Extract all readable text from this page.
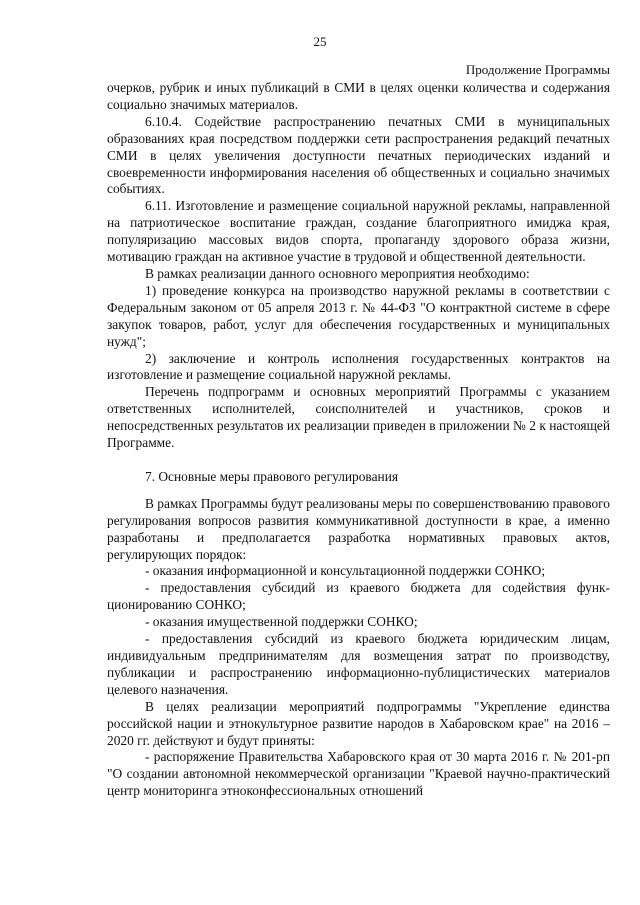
25
Продолжение Программы

очерков, рубрик и иных публикаций в СМИ в целях оценки количества и содержания социально значимых материалов.

6.10.4. Содействие распространению печатных СМИ в муниципальных образованиях края посредством поддержки сети распространения редакций печатных СМИ в целях увеличения доступности печатных периодических изданий и своевременности информирования населения об общественных и социально значимых событиях.

6.11. Изготовление и размещение социальной наружной рекламы, направленной на патриотическое воспитание граждан, создание благоприятного имиджа края, популяризацию массовых видов спорта, пропаганду здорового образа жизни, мотивацию граждан на активное участие в трудовой и общественной деятельности.

В рамках реализации данного основного мероприятия необходимо:

1) проведение конкурса на производство наружной рекламы в соответствии с Федеральным законом от 05 апреля 2013 г. № 44-ФЗ "О контрактной системе в сфере закупок товаров, работ, услуг для обеспечения государственных и муниципальных нужд";

2) заключение и контроль исполнения государственных контрактов на изготовление и размещение социальной наружной рекламы.

Перечень подпрограмм и основных мероприятий Программы с указанием ответственных исполнителей, соисполнителей и участников, сроков и непосредственных результатов их реализации приведен в приложении № 2 к настоящей Программе.

7. Основные меры правового регулирования

В рамках Программы будут реализованы меры по совершенствованию правового регулирования вопросов развития коммуникативной доступности в крае, а именно разработаны и предполагается разработка нормативных правовых актов, регулирующих порядок:

- оказания информационной и консультационной поддержки СОНКО;

- предоставления субсидий из краевого бюджета для содействия функционированию СОНКО;

- оказания имущественной поддержки СОНКО;

- предоставления субсидий из краевого бюджета юридическим лицам, индивидуальным предпринимателям для возмещения затрат по производству, публикации и распространению информационно-публицистических материалов целевого назначения.

В целях реализации мероприятий подпрограммы "Укрепление единства российской нации и этнокультурное развитие народов в Хабаровском крае" на 2016 – 2020 гг. действуют и будут приняты:

- распоряжение Правительства Хабаровского края от 30 марта 2016 г. № 201-рп "О создании автономной некоммерческой организации "Краевой научно-практический центр мониторинга этноконфессиональных отношений
